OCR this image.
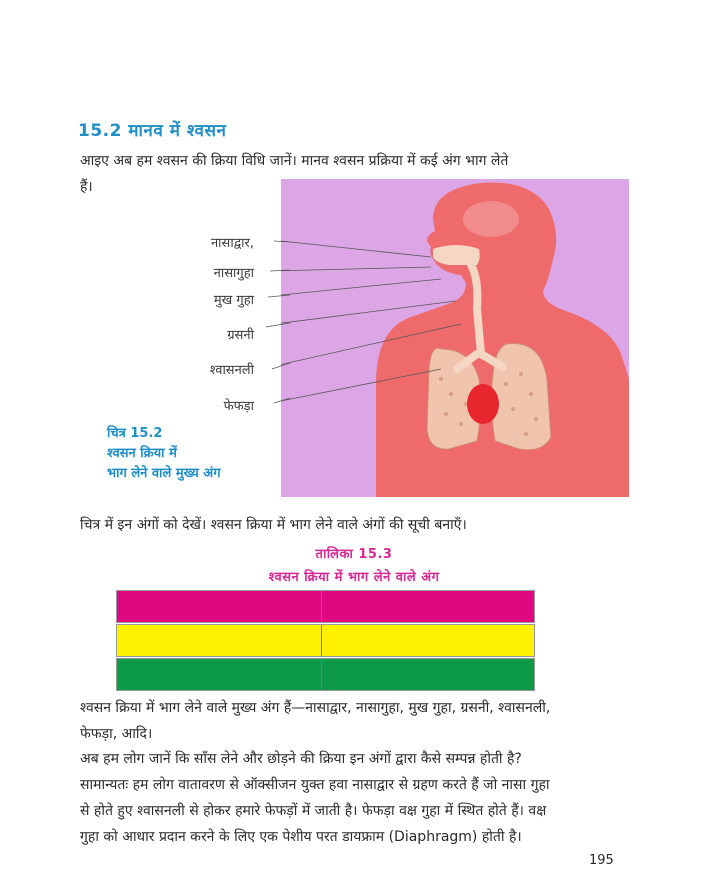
15.2 मानव में श्वसन
आइए अब हम श्वसन की क्रिया विधि जानें। मानव श्वसन प्रक्रिया में कई अंग भाग लेते
हैं।
नासाद्वार,
नासागुहा
मुख गुहा
ग्रसनी
श्वासनली
फेफड़ा
चित्र 15.2
श्वसन क्रिया में
भाग लेने वाले मुख्य अंग
चित्र में इन अंगों को देखें। श्वसन क्रिया में भाग लेने वाले अंगों की सूची बनाएँ।
तालिका 15.3
श्वसन क्रिया में भाग लेने वाले अंग
श्वसन क्रिया में भाग लेने वाले मुख्य अंग हैं—नासाद्वार, नासागुहा, मुख गुहा, ग्रसनी, श्वासनली,
फेफड़ा, आदि।
अब हम लोग जानें कि साँस लेने और छोड़ने की क्रिया इन अंगों द्वारा कैसे सम्पन्न होती है?
सामान्यतः हम लोग वातावरण से ऑक्सीजन युक्त हवा नासाद्वार से ग्रहण करते हैं जो नासा गुहा
से होते हुए श्वासनली से होकर हमारे फेफड़ों में जाती है। फेफड़ा वक्ष गुहा में स्थित होते हैं। वक्ष
गुहा को आधार प्रदान करने के लिए एक पेशीय परत डायफ्राम (Diaphragm) होती है।
195
